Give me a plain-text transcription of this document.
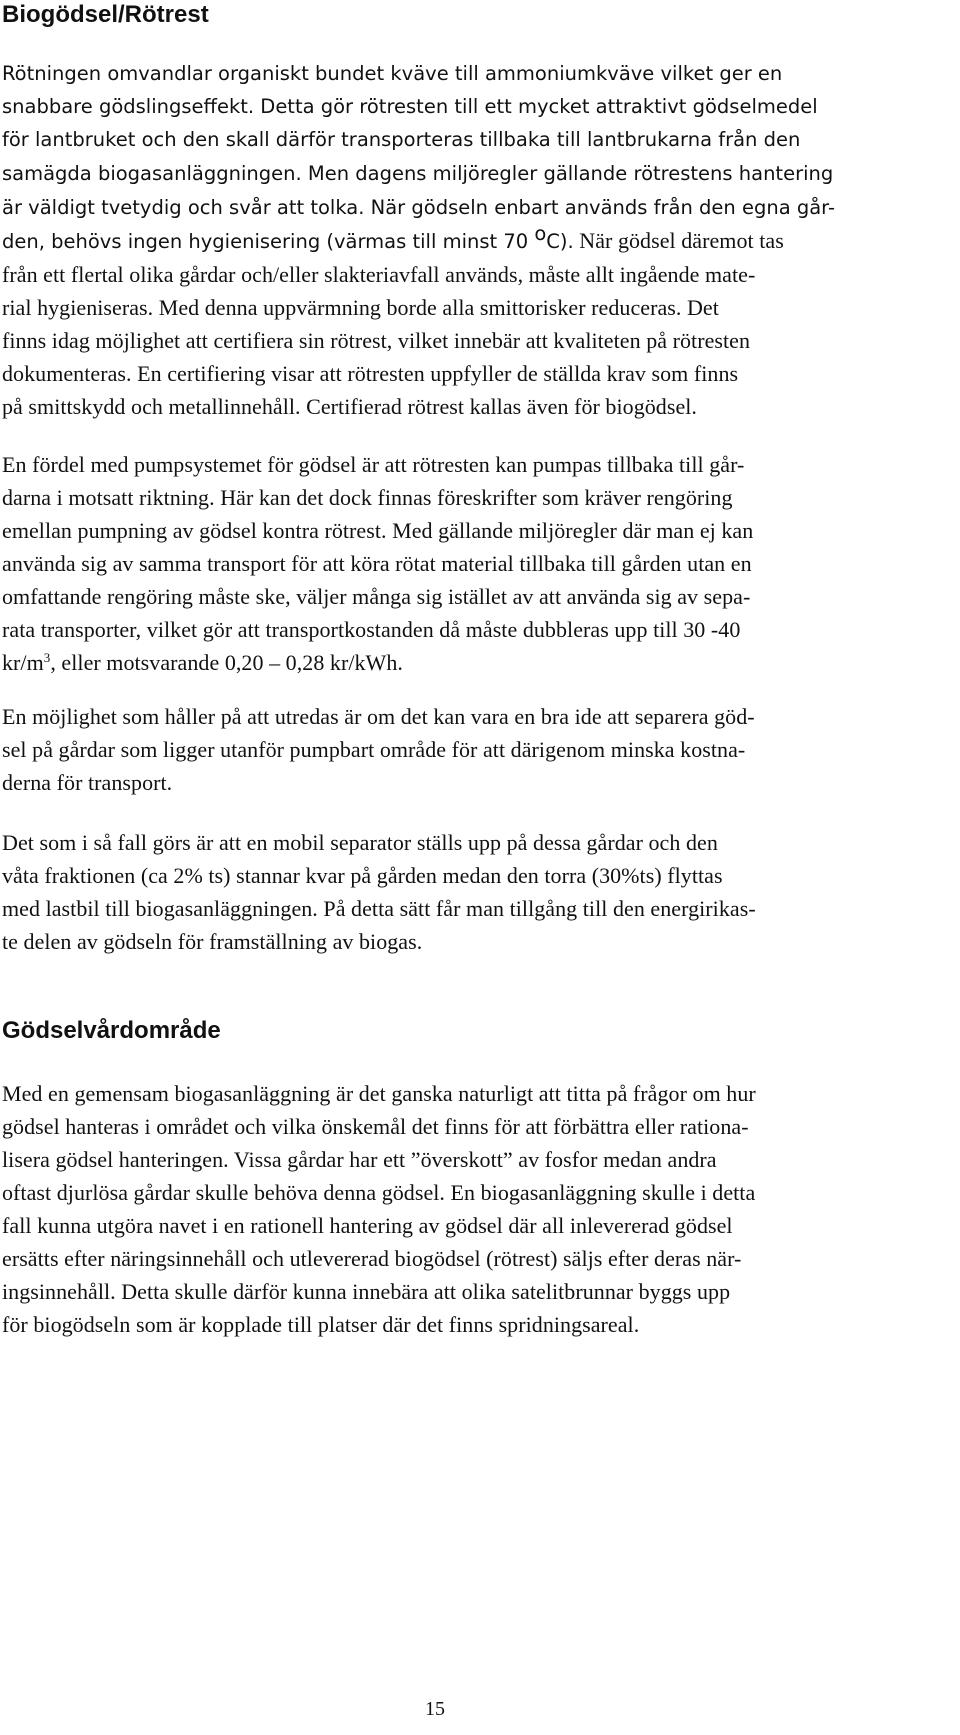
Biogödsel/Rötrest
Rötningen omvandlar organiskt bundet kväve till ammoniumkväve vilket ger en
snabbare gödslingseffekt. Detta gör rötresten till ett mycket attraktivt gödselmedel
för lantbruket och den skall därför transporteras tillbaka till lantbrukarna från den
samägda biogasanläggningen. Men dagens miljöregler gällande rötrestens hantering
är väldigt tvetydig och svår att tolka. När gödseln enbart används från den egna går-
den, behövs ingen hygienisering (värmas till minst 70 $^o$C). När gödsel däremot tas
från ett flertal olika gårdar och/eller slakteriavfall används, måste allt ingående mate-
rial hygieniseras. Med denna uppvärmning borde alla smittorisker reduceras. Det
finns idag möjlighet att certifiera sin rötrest, vilket innebär att kvaliteten på rötresten
dokumenteras. En certifiering visar att rötresten uppfyller de ställda krav som finns
på smittskydd och metallinnehåll. Certifierad rötrest kallas även för biogödsel.
En fördel med pumpsystemet för gödsel är att rötresten kan pumpas tillbaka till går-
darna i motsatt riktning. Här kan det dock finnas föreskrifter som kräver rengöring
emellan pumpning av gödsel kontra rötrest. Med gällande miljöregler där man ej kan
använda sig av samma transport för att köra rötat material tillbaka till gården utan en
omfattande rengöring måste ske, väljer många sig istället av att använda sig av sepa-
rata transporter, vilket gör att transportkostanden då måste dubbleras upp till 30 -40
$kr/m^3$, eller motsvarande 0,20 – 0,28 kr/kWh.
En möjlighet som håller på att utredas är om det kan vara en bra ide att separera göd-
sel på gårdar som ligger utanför pumpbart område för att därigenom minska kostna-
derna för transport.
Det som i så fall görs är att en mobil separator ställs upp på dessa gårdar och den
våta fraktionen (ca 2% ts) stannar kvar på gården medan den torra (30%ts) flyttas
med lastbil till biogasanläggningen. På detta sätt får man tillgång till den energirikas-
te delen av gödseln för framställning av biogas.
Gödselvårdområde
Med en gemensam biogasanläggning är det ganska naturligt att titta på frågor om hur
gödsel hanteras i området och vilka önskemål det finns för att förbättra eller rationa-
lisera gödsel hanteringen. Vissa gårdar har ett ”överskott” av fosfor medan andra
oftast djurlösa gårdar skulle behöva denna gödsel. En biogasanläggning skulle i detta
fall kunna utgöra navet i en rationell hantering av gödsel där all inlevererad gödsel
ersätts efter näringsinnehåll och utlevererad biogödsel (rötrest) säljs efter deras när-
ingsinnehåll. Detta skulle därför kunna innebära att olika satelitbrunnar byggs upp
för biogödseln som är kopplade till platser där det finns spridningsareal.
15
